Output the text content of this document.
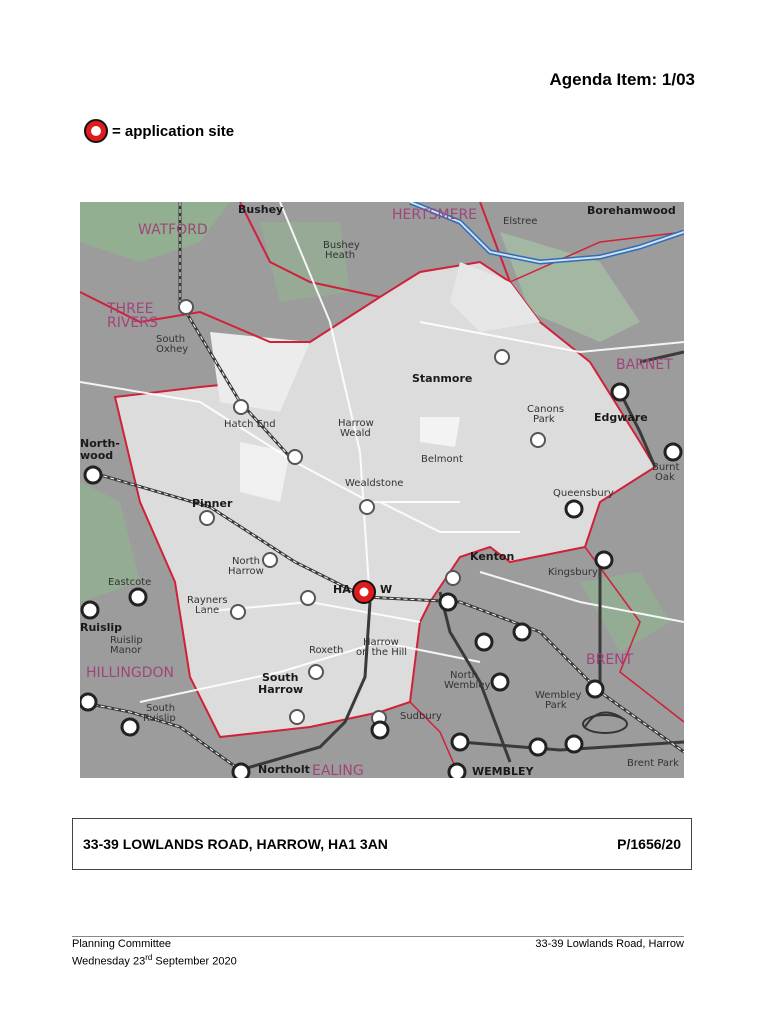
Agenda Item: 1/03
= application site
WATFORD
HERTSMERE
THREE
RIVERS
BARNET
HILLINGDON
BRENT
EALING
Bushey
Bushey
Heath
Elstree
Borehamwood
South
Oxhey
Stanmore
Canons
Park	Edgware
Hatch End	Harrow
Weald
North-
wood	Belmont
Burnt
Oak
Wealdstone
Queensbury
Pinner
Kenton
North
Harrow	Kingsbury
Eastcote
HA	W
Rayners
Lane
Ruislip
Ruislip
Manor	Roxeth
Harrow
on the Hill
North
Wembley
South
Harrow	Wembley
Park
South
Ruislip	Sudbury
Northolt	WEMBLEY
Brent Park
33-39 LOWLANDS ROAD, HARROW, HA1 3AN	P/1656/20
Planning Committee
Wednesday 23rd September 2020
33-39 Lowlands Road, Harrow
